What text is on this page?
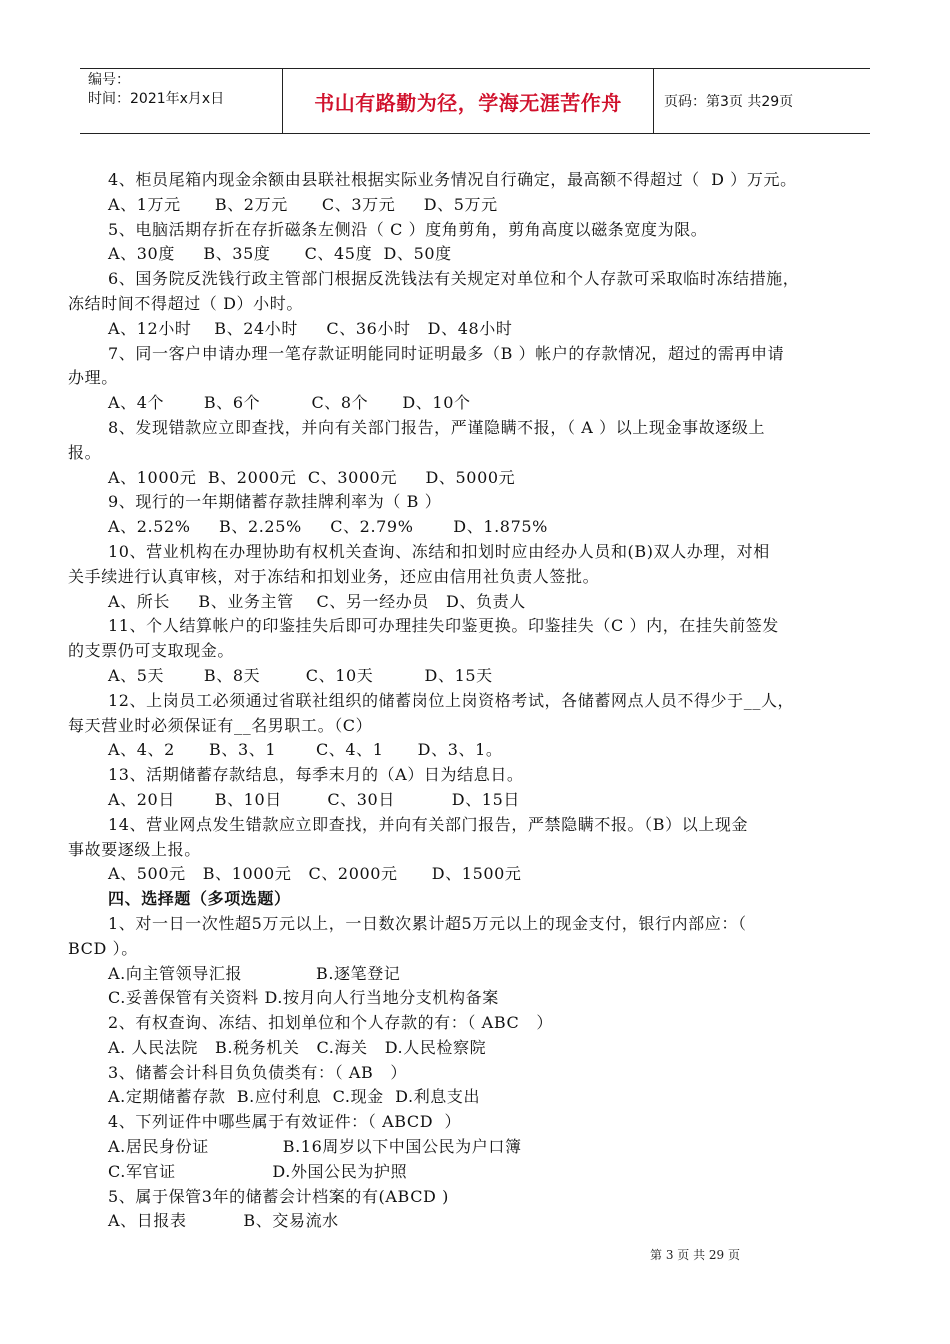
编号：
时间：2021年x月x日	书山有路勤为径，学海无涯苦作舟	页码：第3页 共29页
4、柜员尾箱内现金余额由县联社根据实际业务情况自行确定，最高额不得超过（  D ）万元。
A、1万元      B、2万元      C、3万元     D、5万元
5、电脑活期存折在存折磁条左侧沿（ C ）度角剪角，剪角高度以磁条宽度为限。
A、30度     B、35度      C、45度  D、50度
6、国务院反洗钱行政主管部门根据反洗钱法有关规定对单位和个人存款可采取临时冻结措施，
冻结时间不得超过（ D）小时。
A、12小时    B、24小时     C、36小时   D、48小时
7、同一客户申请办理一笔存款证明能同时证明最多（B ）帐户的存款情况，超过的需再申请
办理。
A、4个       B、6个         C、8个      D、10个
8、发现错款应立即查找，并向有关部门报告，严谨隐瞒不报，（ A ）以上现金事故逐级上
报。
A、1000元  B、2000元  C、3000元     D、5000元
9、现行的一年期储蓄存款挂牌利率为（ B ）
A、2.52%     B、2.25%     C、2.79%       D、1.875%
10、营业机构在办理协助有权机关查询、冻结和扣划时应由经办人员和(B)双人办理，对相
关手续进行认真审核，对于冻结和扣划业务，还应由信用社负责人签批。
A、所长     B、业务主管    C、另一经办员   D、负责人
11、个人结算帐户的印鉴挂失后即可办理挂失印鉴更换。印鉴挂失（C ）内，在挂失前签发
的支票仍可支取现金。
A、5天       B、8天        C、10天         D、15天
12、上岗员工必须通过省联社组织的储蓄岗位上岗资格考试，各储蓄网点人员不得少于__人，
每天营业时必须保证有__名男职工。（C）
A、4、2      B、3、1       C、4、1      D、3、1。
13、活期储蓄存款结息，每季末月的（A）日为结息日。
A、20日       B、10日        C、30日          D、15日
14、营业网点发生错款应立即查找，并向有关部门报告，严禁隐瞒不报。（B）以上现金
事故要逐级上报。
A、500元   B、1000元   C、2000元      D、1500元
四、选择题（多项选题）
1、对一日一次性超5万元以上，一日数次累计超5万元以上的现金支付，银行内部应：（
BCD ）。
A.向主管领导汇报             B.逐笔登记
C.妥善保管有关资料 D.按月向人行当地分支机构备案
2、有权查询、冻结、扣划单位和个人存款的有：（ ABC   ）
A. 人民法院   B.税务机关   C.海关   D.人民检察院
3、储蓄会计科目负负债类有：（ AB   ）
A.定期储蓄存款  B.应付利息  C.现金  D.利息支出
4、下列证件中哪些属于有效证件：（ ABCD  ）
A.居民身份证             B.16周岁以下中国公民为户口簿
C.军官证                 D.外国公民为护照
5、属于保管3年的储蓄会计档案的有(ABCD )
A、日报表          B、交易流水
第 3 页 共 29 页
